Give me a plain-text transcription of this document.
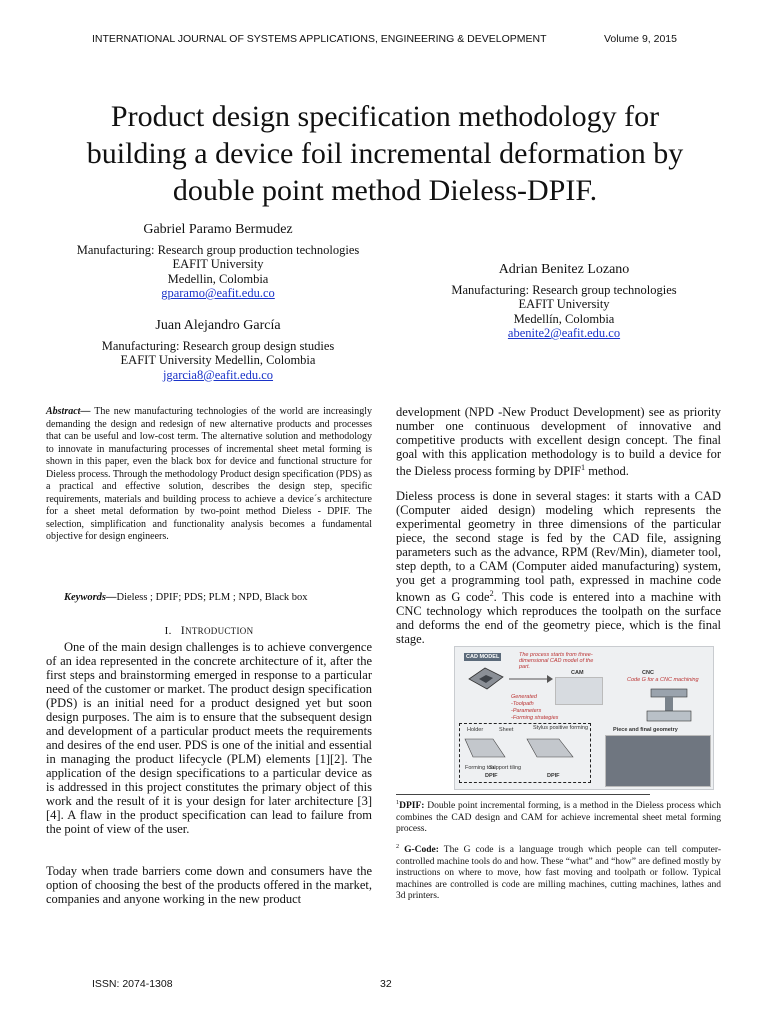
INTERNATIONAL JOURNAL OF SYSTEMS APPLICATIONS, ENGINEERING & DEVELOPMENT	Volume 9, 2015
Product design specification methodology for
building a device foil incremental deformation by
double point method Dieless-DPIF.
Gabriel Paramo Bermudez
Manufacturing: Research group production technologies
EAFIT University
Medellin, Colombia
gparamo@eafit.edu.co
Adrian Benitez Lozano
Manufacturing: Research group technologies
EAFIT University
Medellín, Colombia
abenite2@eafit.edu.co
Juan Alejandro García
Manufacturing: Research group design studies
EAFIT University Medellin, Colombia
jgarcia8@eafit.edu.co
Abstract— The new manufacturing technologies of the world are increasingly demanding the design and redesign of new alternative products and processes that can be useful and low-cost term. The alternative solution and methodology to innovate in manufacturing processes of incremental sheet metal forming is shown in this paper, even the black box for device and functional structure for Dieless process. Through the methodology Product design specification (PDS) as a practical and effective solution, describes the design step, specific requirements, materials and building process to achieve a device´s architecture for a sheet metal deformation by two-point method Dieless - DPIF. The selection, simplification and functionality analysis becomes a fundamental objective for design engineers.
Keywords—Dieless ; DPIF; PDS; PLM ; NPD, Black box
I. INTRODUCTION
One of the main design challenges is to achieve convergence of an idea represented in the concrete architecture of it, after the first steps and brainstorming emerged in response to a particular need of the customer or market. The product design specification (PDS) is an initial need for a product designed yet but soon design purposes. The aim is to ensure that the subsequent design and development of a particular product meets the requirements and desires of the end user. PDS is one of the initial and essential in managing the product lifecycle (PLM) elements [1][2]. The application of the design specifications to a particular device as is addressed in this project constitutes the primary object of this work and the result of it is your design for later architecture [3][4]. A flaw in the product specification can lead to failure from the point of view of the user.
Today when trade barriers come down and consumers have the option of choosing the best of the products offered in the market, companies and anyone working in the new product
development (NPD -New Product Development) see as priority number one continuous development of innovative and competitive products with excellent design concept. The final goal with this application methodology is to build a device for the Dieless process forming by DPIF$^1$ method.
Dieless process is done in several stages: it starts with a CAD (Computer aided design) modeling which represents the experimental geometry in three dimensions of the particular piece, the second stage is fed by the CAD file, assigning parameters such as the advance, RPM (Rev/Min), diameter tool, step depth, to a CAM (Computer aided manufacturing) system, you get a programming tool path, expressed in machine code known as G code$^2$. This code is entered into a machine with CNC technology which reproduces the toolpath on the surface and deforms the end of the geometry piece, which is the final stage.
CAD MODEL	The process starts from three-
dimensional CAD model of the
part.
CAM	CNC
Code G for a CNC machining
Generated
-Toolpath
-Parameters
-Forming strategies
Holder	Sheet	Stylus positive forming
Forming tool
Support tiling
DPIF	DPIF
Piece and final geometry
$^1$DPIF: Double point incremental forming, is a method in the Dieless process which combines the CAD design and CAM for achieve incremental sheet metal forming process.
$^2$ G-Code: The G code is a language trough which people can tell computer-controlled machine tools do and how. These “what” and “how” are defined mostly by instructions on where to move, how fast moving and toolpath or follow. Typical machines are controlled is code are milling machines, cutting machines, lathes and 3d printers.
ISSN: 2074-1308	32
